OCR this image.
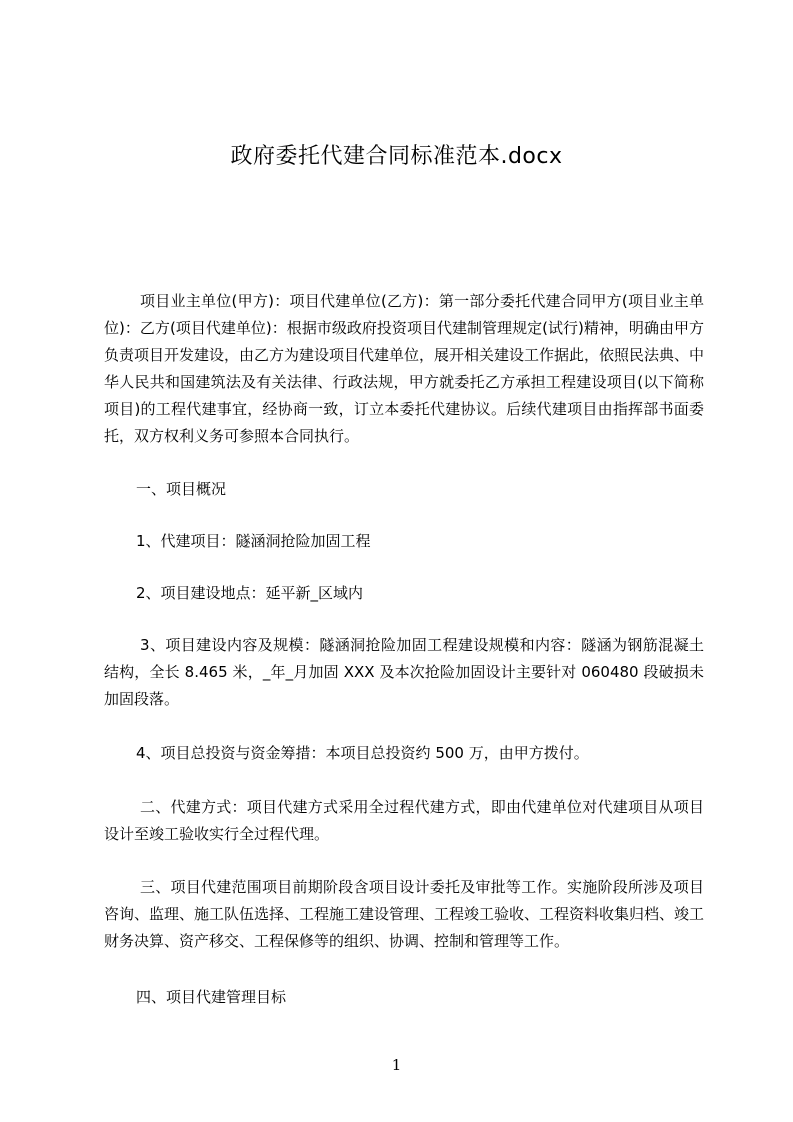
政府委托代建合同标准范本.docx

项目业主单位(甲方)：项目代建单位(乙方)：第一部分委托代建合同甲方(项目业主单位)：乙方(项目代建单位)：根据市级政府投资项目代建制管理规定(试行)精神，明确由甲方负责项目开发建设，由乙方为建设项目代建单位，展开相关建设工作据此，依照民法典、中华人民共和国建筑法及有关法律、行政法规，甲方就委托乙方承担工程建设项目(以下简称项目)的工程代建事宜，经协商一致，订立本委托代建协议。后续代建项目由指挥部书面委托，双方权利义务可参照本合同执行。

一、项目概况

1、代建项目：隧涵洞抢险加固工程

2、项目建设地点：延平新_区域内

3、项目建设内容及规模：隧涵洞抢险加固工程建设规模和内容：隧涵为钢筋混凝土结构，全长 8.465 米，_年_月加固 XXX 及本次抢险加固设计主要针对 060480 段破损未加固段落。

4、项目总投资与资金筹措：本项目总投资约 500 万，由甲方拨付。

二、代建方式：项目代建方式采用全过程代建方式，即由代建单位对代建项目从项目设计至竣工验收实行全过程代理。

三、项目代建范围项目前期阶段含项目设计委托及审批等工作。实施阶段所涉及项目咨询、监理、施工队伍选择、工程施工建设管理、工程竣工验收、工程资料收集归档、竣工财务决算、资产移交、工程保修等的组织、协调、控制和管理等工作。

四、项目代建管理目标

1
